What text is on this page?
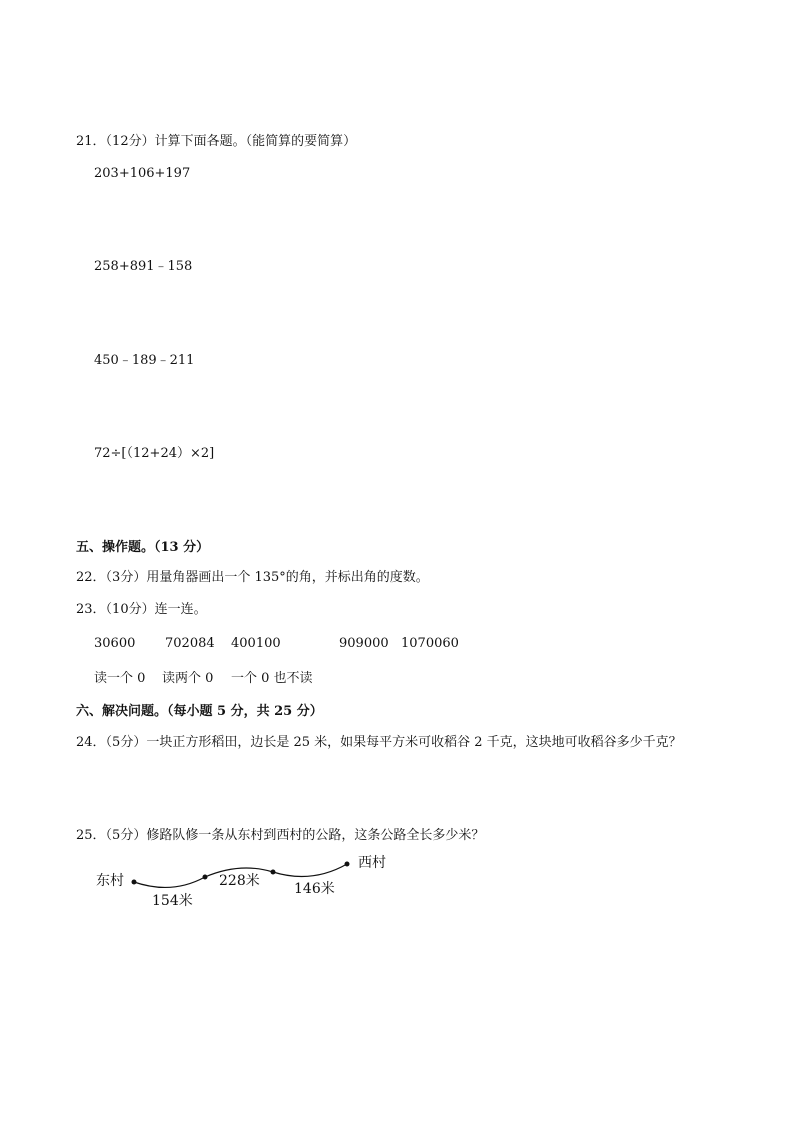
21．（12分）计算下面各题。（能简算的要简算）
203+106+197
258+891﹣158
450﹣189﹣211
72÷[（12+24）×2]
五、操作题。（13 分）
22．（3分）用量角器画出一个 135°的角，并标出角的度数。
23．（10分）连一连。
30600 702084 400100	909000 1070060
读一个 0 读两个 0 一个 0 也不读
六、解决问题。（每小题 5 分，共 25 分）
24．（5分）一块正方形稻田，边长是 25 米，如果每平方米可收稻谷 2 千克，这块地可收稻谷多少千克？
25．（5分）修路队修一条从东村到西村的公路，这条公路全长多少米？
东村
西村
154米
228米 146米
